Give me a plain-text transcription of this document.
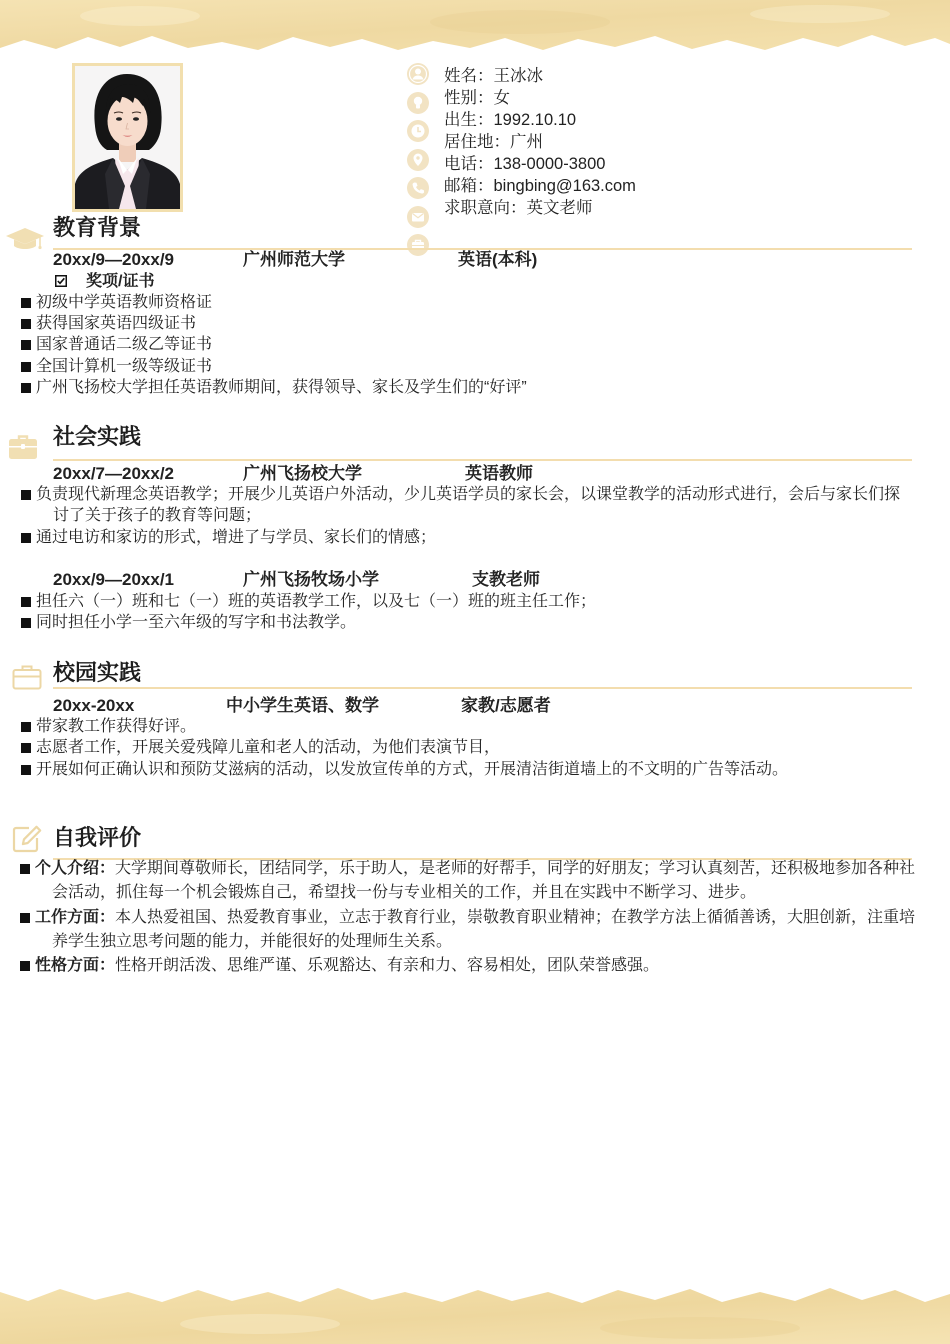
姓名：王冰冰
性别：女
出生：1992.10.10
居住地：广州
电话：138-0000-3800
邮箱：bingbing@163.com
求职意向：英文老师
教育背景
20xx/9—20xx/9	广州师范大学	英语(本科)
奖项/证书
初级中学英语教师资格证
获得国家英语四级证书
国家普通话二级乙等证书
全国计算机一级等级证书
广州飞扬校大学担任英语教师期间，获得领导、家长及学生们的“好评”
社会实践
20xx/7—20xx/2	广州飞扬校大学	英语教师
负责现代新理念英语教学；开展少儿英语户外活动，少儿英语学员的家长会，以课堂教学的活动形式进行，会后与家长们探
讨了关于孩子的教育等问题；
通过电访和家访的形式，增进了与学员、家长们的情感；
20xx/9—20xx/1	广州飞扬牧场小学	支教老师
担任六（一）班和七（一）班的英语教学工作，以及七（一）班的班主任工作；
同时担任小学一至六年级的写字和书法教学。
校园实践
20xx-20xx	中小学生英语、数学	家教/志愿者
带家教工作获得好评。
志愿者工作，开展关爱残障儿童和老人的活动，为他们表演节目，
开展如何正确认识和预防艾滋病的活动，以发放宣传单的方式，开展清洁街道墙上的不文明的广告等活动。
自我评价
个人介绍：大学期间尊敬师长，团结同学，乐于助人，是老师的好帮手，同学的好朋友；学习认真刻苦，还积极地参加各种社
会活动，抓住每一个机会锻炼自己，希望找一份与专业相关的工作，并且在实践中不断学习、进步。
工作方面：本人热爱祖国、热爱教育事业，立志于教育行业，崇敬教育职业精神；在教学方法上循循善诱，大胆创新，注重培
养学生独立思考问题的能力，并能很好的处理师生关系。
性格方面：性格开朗活泼、思维严谨、乐观豁达、有亲和力、容易相处，团队荣誉感强。
